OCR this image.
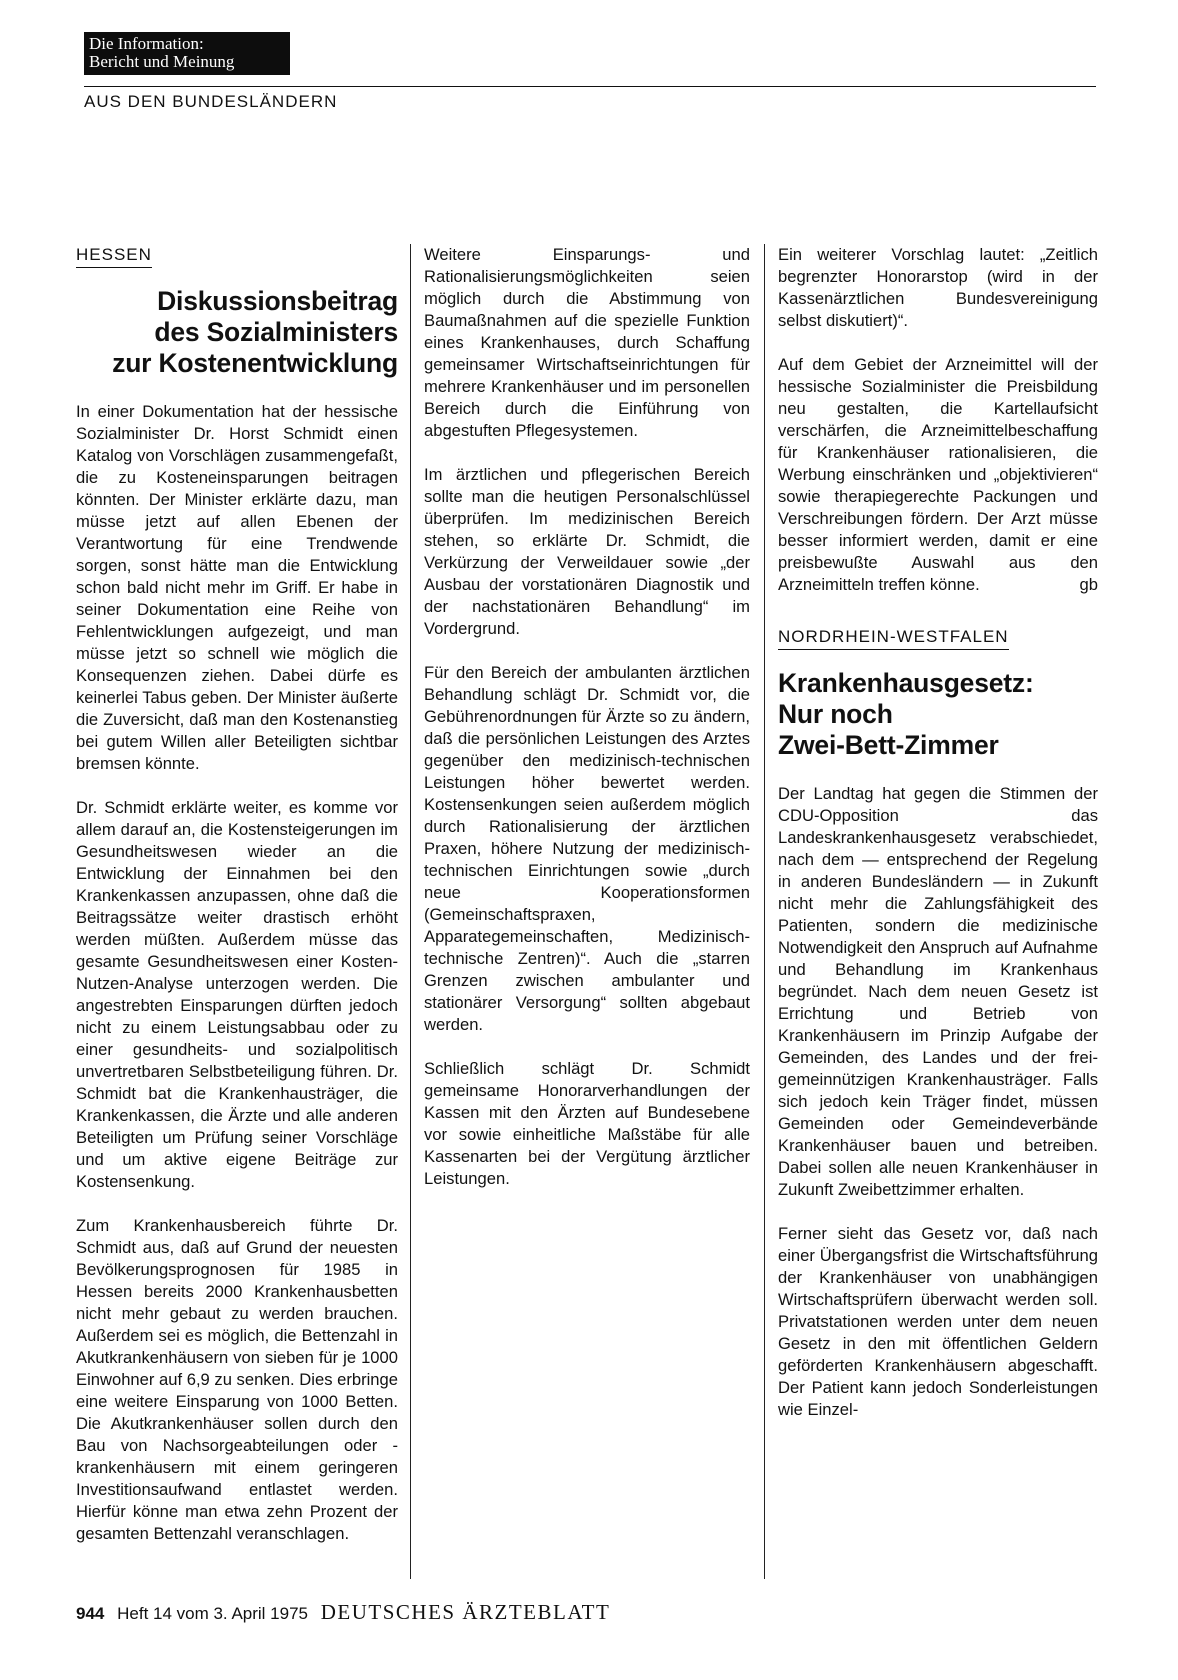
Die Information:
Bericht und Meinung
AUS DEN BUNDESLÄNDERN
HESSEN
Diskussionsbeitrag
des Sozialministers
zur Kostenentwicklung

In einer Dokumentation hat der hessische Sozialminister Dr. Horst Schmidt einen Katalog von Vorschlägen zusammengefaßt, die zu Kosteneinsparungen beitragen könnten. Der Minister erklärte dazu, man müsse jetzt auf allen Ebenen der Verantwortung für eine Trendwende sorgen, sonst hätte man die Entwicklung schon bald nicht mehr im Griff. Er habe in seiner Dokumentation eine Reihe von Fehlentwicklungen aufgezeigt, und man müsse jetzt so schnell wie möglich die Konsequenzen ziehen. Dabei dürfe es keinerlei Tabus geben. Der Minister äußerte die Zuversicht, daß man den Kostenanstieg bei gutem Willen aller Beteiligten sichtbar bremsen könnte.

Dr. Schmidt erklärte weiter, es komme vor allem darauf an, die Kostensteigerungen im Gesundheitswesen wieder an die Entwicklung der Einnahmen bei den Krankenkassen anzupassen, ohne daß die Beitragssätze weiter drastisch erhöht werden müßten. Außerdem müsse das gesamte Gesundheitswesen einer Kosten-Nutzen-Analyse unterzogen werden. Die angestrebten Einsparungen dürften jedoch nicht zu einem Leistungsabbau oder zu einer gesundheits- und sozialpolitisch unvertretbaren Selbstbeteiligung führen. Dr. Schmidt bat die Krankenhausträger, die Krankenkassen, die Ärzte und alle anderen Beteiligten um Prüfung seiner Vorschläge und um aktive eigene Beiträge zur Kostensenkung.

Zum Krankenhausbereich führte Dr. Schmidt aus, daß auf Grund der neuesten Bevölkerungsprognosen für 1985 in Hessen bereits 2000 Krankenhausbetten nicht mehr gebaut zu werden brauchen. Außerdem sei es möglich, die Bettenzahl in Akutkrankenhäusern von sieben für je 1000 Einwohner auf 6,9 zu senken. Dies erbringe eine weitere Einsparung von 1000 Betten. Die Akutkrankenhäuser sollen durch den Bau von Nachsorgeabteilungen oder -krankenhäusern mit einem geringeren Investitionsaufwand entlastet werden. Hierfür könne man etwa zehn Prozent der gesamten Bettenzahl veranschlagen.

Weitere Einsparungs- und Rationalisierungsmöglichkeiten seien möglich durch die Abstimmung von Baumaßnahmen auf die spezielle Funktion eines Krankenhauses, durch Schaffung gemeinsamer Wirtschaftseinrichtungen für mehrere Krankenhäuser und im personellen Bereich durch die Einführung von abgestuften Pflegesystemen.

Im ärztlichen und pflegerischen Bereich sollte man die heutigen Personalschlüssel überprüfen. Im medizinischen Bereich stehen, so erklärte Dr. Schmidt, die Verkürzung der Verweildauer sowie „der Ausbau der vorstationären Diagnostik und der nachstationären Behandlung“ im Vordergrund.

Für den Bereich der ambulanten ärztlichen Behandlung schlägt Dr. Schmidt vor, die Gebührenordnungen für Ärzte so zu ändern, daß die persönlichen Leistungen des Arztes gegenüber den medizinisch-technischen Leistungen höher bewertet werden. Kostensenkungen seien außerdem möglich durch Rationalisierung der ärztlichen Praxen, höhere Nutzung der medizinisch-technischen Einrichtungen sowie „durch neue Kooperationsformen (Gemeinschaftspraxen, Apparategemeinschaften, Medizinisch-technische Zentren)“. Auch die „starren Grenzen zwischen ambulanter und stationärer Versorgung“ sollten abgebaut werden.

Schließlich schlägt Dr. Schmidt gemeinsame Honorarverhandlungen der Kassen mit den Ärzten auf Bundesebene vor sowie einheitliche Maßstäbe für alle Kassenarten bei der Vergütung ärztlicher Leistungen.

Ein weiterer Vorschlag lautet: „Zeitlich begrenzter Honorarstop (wird in der Kassenärztlichen Bundesvereinigung selbst diskutiert)“.

Auf dem Gebiet der Arzneimittel will der hessische Sozialminister die Preisbildung neu gestalten, die Kartellaufsicht verschärfen, die Arzneimittelbeschaffung für Krankenhäuser rationalisieren, die Werbung einschränken und „objektivieren“ sowie therapiegerechte Packungen und Verschreibungen fördern. Der Arzt müsse besser informiert werden, damit er eine preisbewußte Auswahl aus den Arzneimitteln treffen könne.	gb

NORDRHEIN-WESTFALEN
Krankenhausgesetz:
Nur noch
Zwei-Bett-Zimmer

Der Landtag hat gegen die Stimmen der CDU-Opposition das Landeskrankenhausgesetz verabschiedet, nach dem — entsprechend der Regelung in anderen Bundesländern — in Zukunft nicht mehr die Zahlungsfähigkeit des Patienten, sondern die medizinische Notwendigkeit den Anspruch auf Aufnahme und Behandlung im Krankenhaus begründet. Nach dem neuen Gesetz ist Errichtung und Betrieb von Krankenhäusern im Prinzip Aufgabe der Gemeinden, des Landes und der frei-gemeinnützigen Krankenhausträger. Falls sich jedoch kein Träger findet, müssen Gemeinden oder Gemeindeverbände Krankenhäuser bauen und betreiben. Dabei sollen alle neuen Krankenhäuser in Zukunft Zweibettzimmer erhalten.

Ferner sieht das Gesetz vor, daß nach einer Übergangsfrist die Wirtschaftsführung der Krankenhäuser von unabhängigen Wirtschaftsprüfern überwacht werden soll. Privatstationen werden unter dem neuen Gesetz in den mit öffentlichen Geldern geförderten Krankenhäusern abgeschafft. Der Patient kann jedoch Sonderleistungen wie Einzel-

944 Heft 14 vom 3. April 1975 DEUTSCHES ÄRZTEBLATT
